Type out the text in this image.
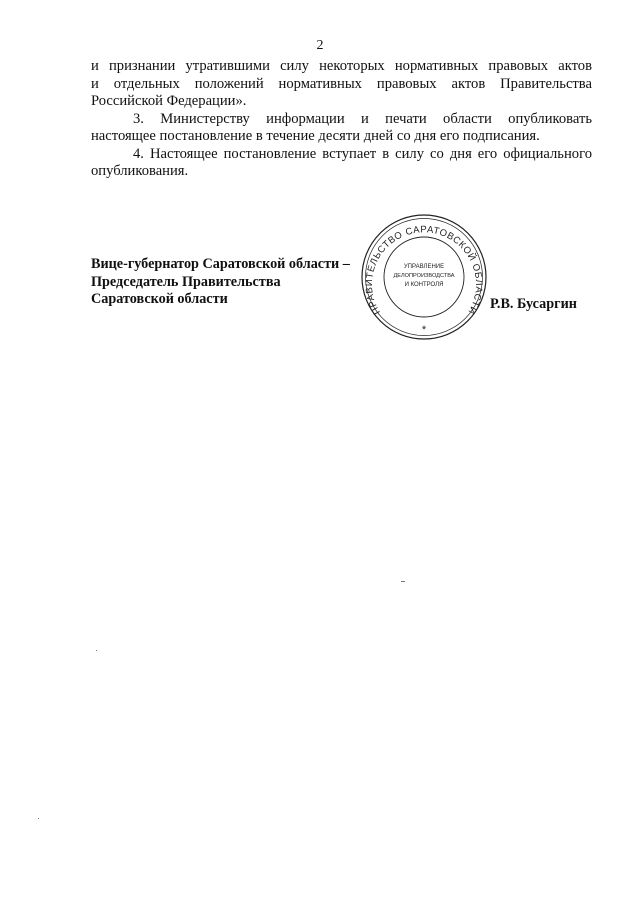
2

и признании утратившими силу некоторых нормативных правовых актов
и отдельных положений нормативных правовых актов Правительства
Российской Федерации».

3. Министерству информации и печати области опубликовать
настоящее постановление в течение десяти дней со дня его подписания.

4. Настоящее постановление вступает в силу со дня его официального
опубликования.

Вице-губернатор Саратовской области –
Председатель Правительства
Саратовской области
ПРАВИТЕЛЬСТВО САРАТОВСКОЙ ОБЛАСТИ
УПРАВЛЕНИЕ
ДЕЛОПРОИЗВОДСТВА
И КОНТРОЛЯ
*
Р.В. Бусаргин
